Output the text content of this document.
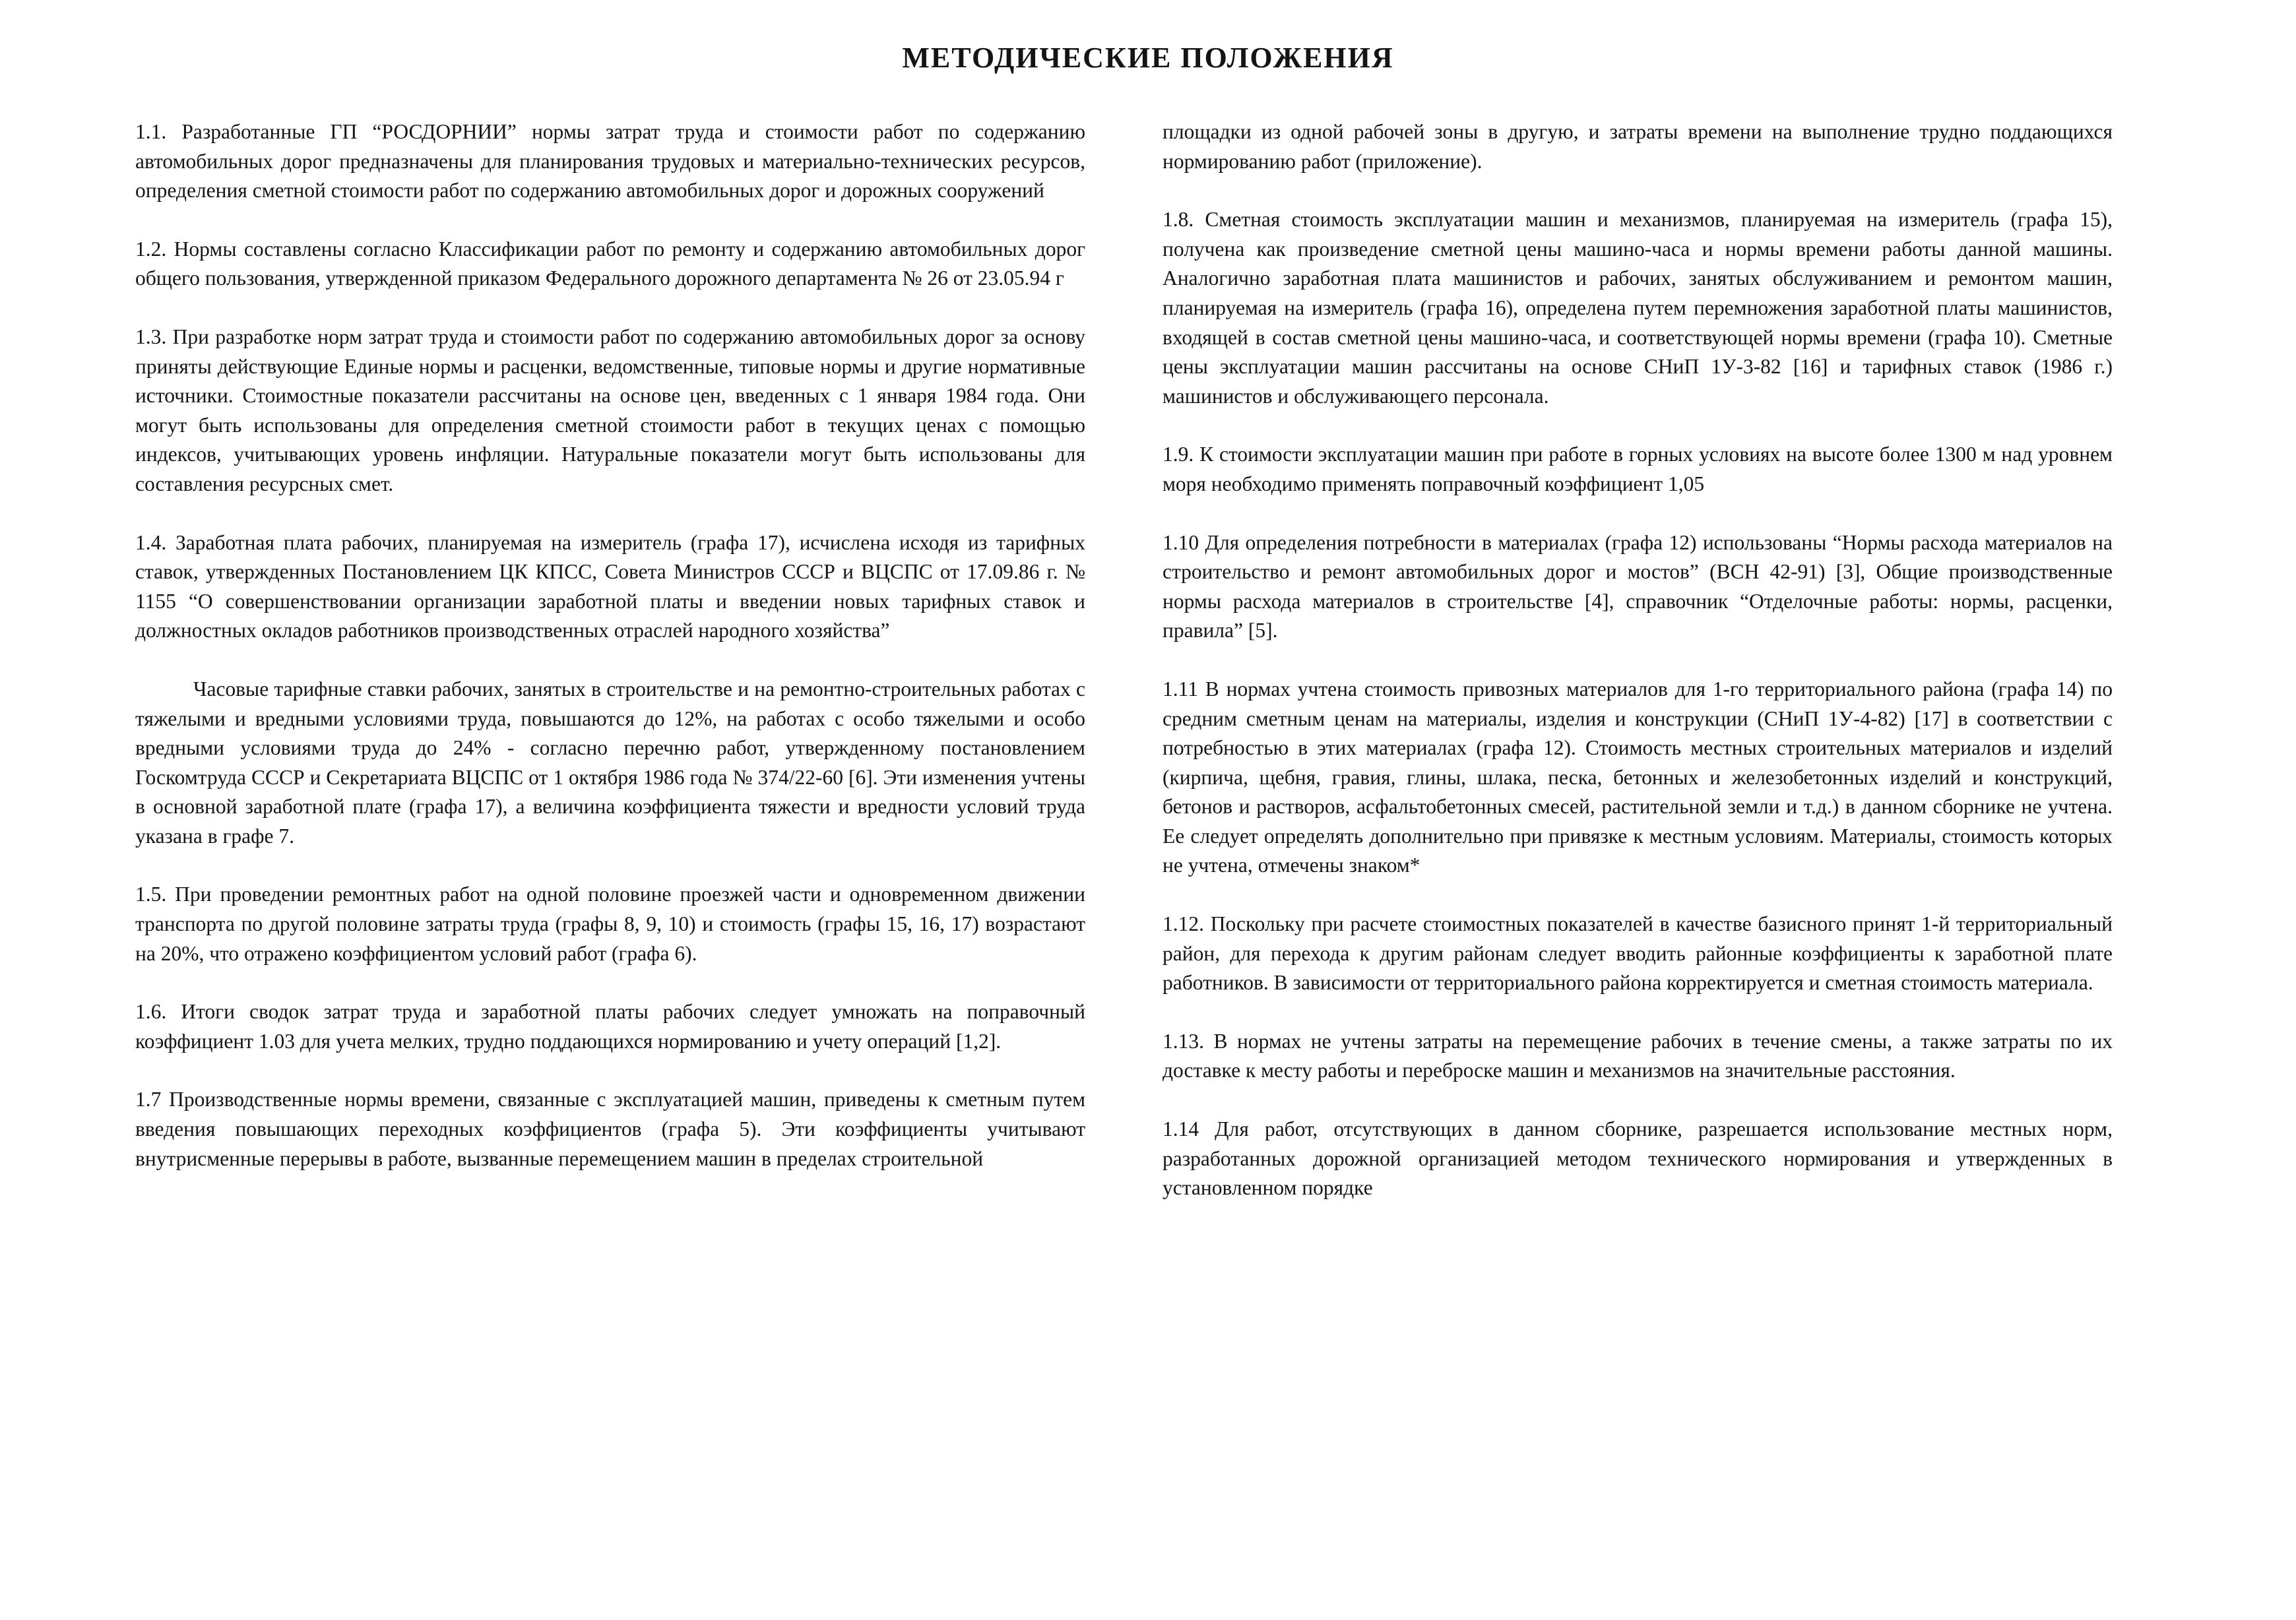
МЕТОДИЧЕСКИЕ ПОЛОЖЕНИЯ

1.1. Разработанные ГП “РОСДОРНИИ” нормы затрат труда и стоимости работ по содержанию автомобильных дорог предназначены для планирования трудовых и материально-технических ресурсов, определения сметной стоимости работ по содержанию автомобильных дорог и дорожных сооружений

1.2. Нормы составлены согласно Классификации работ по ремонту и содержанию автомобильных дорог общего пользования, утвержденной приказом Федерального дорожного департамента № 26 от 23.05.94 г

1.3. При разработке норм затрат труда и стоимости работ по содержанию автомобильных дорог за основу приняты действующие Единые нормы и расценки, ведомственные, типовые нормы и другие нормативные источники. Стоимостные показатели рассчитаны на основе цен, введенных с 1 января 1984 года. Они могут быть использованы для определения сметной стоимости работ в текущих ценах с помощью индексов, учитывающих уровень инфляции. Натуральные показатели могут быть использованы для составления ресурсных смет.

1.4. Заработная плата рабочих, планируемая на измеритель (графа 17), исчислена исходя из тарифных ставок, утвержденных Постановлением ЦК КПСС, Совета Министров СССР и ВЦСПС от 17.09.86 г. № 1155 “О совершенствовании организации заработной платы и введении новых тарифных ставок и должностных окладов работников производственных отраслей народного хозяйства”

Часовые тарифные ставки рабочих, занятых в строительстве и на ремонтно-строительных работах с тяжелыми и вредными условиями труда, повышаются до 12%, на работах с особо тяжелыми и особо вредными условиями труда до 24% - согласно перечню работ, утвержденному постановлением Госкомтруда СССР и Секретариата ВЦСПС от 1 октября 1986 года № 374/22-60 [6]. Эти изменения учтены в основной заработной плате (графа 17), а величина коэффициента тяжести и вредности условий труда указана в графе 7.

1.5. При проведении ремонтных работ на одной половине проезжей части и одновременном движении транспорта по другой половине затраты труда (графы 8, 9, 10) и стоимость (графы 15, 16, 17) возрастают на 20%, что отражено коэффициентом условий работ (графа 6).

1.6. Итоги сводок затрат труда и заработной платы рабочих следует умножать на поправочный коэффициент 1.03 для учета мелких, трудно поддающихся нормированию и учету операций [1,2].

1.7 Производственные нормы времени, связанные с эксплуатацией машин, приведены к сметным путем введения повышающих переходных коэффициентов (графа 5). Эти коэффициенты учитывают внутрисменные перерывы в работе, вызванные перемещением машин в пределах строительной

площадки из одной рабочей зоны в другую, и затраты времени на выполнение трудно поддающихся нормированию работ (приложение).

1.8. Сметная стоимость эксплуатации машин и механизмов, планируемая на измеритель (графа 15), получена как произведение сметной цены машино-часа и нормы времени работы данной машины. Аналогично заработная плата машинистов и рабочих, занятых обслуживанием и ремонтом машин, планируемая на измеритель (графа 16), определена путем перемножения заработной платы машинистов, входящей в состав сметной цены машино-часа, и соответствующей нормы времени (графа 10). Сметные цены эксплуатации машин рассчитаны на основе СНиП 1У-3-82 [16] и тарифных ставок (1986 г.) машинистов и обслуживающего персонала.

1.9. К стоимости эксплуатации машин при работе в горных условиях на высоте более 1300 м над уровнем моря необходимо применять поправочный коэффициент 1,05

1.10 Для определения потребности в материалах (графа 12) использованы “Нормы расхода материалов на строительство и ремонт автомобильных дорог и мостов” (ВСН 42-91) [3], Общие производственные нормы расхода материалов в строительстве [4], справочник “Отделочные работы: нормы, расценки, правила” [5].

1.11 В нормах учтена стоимость привозных материалов для 1-го территориального района (графа 14) по средним сметным ценам на материалы, изделия и конструкции (СНиП 1У-4-82) [17] в соответствии с потребностью в этих материалах (графа 12). Стоимость местных строительных материалов и изделий (кирпича, щебня, гравия, глины, шлака, песка, бетонных и железобетонных изделий и конструкций, бетонов и растворов, асфальтобетонных смесей, растительной земли и т.д.) в данном сборнике не учтена. Ее следует определять дополнительно при привязке к местным условиям. Материалы, стоимость которых не учтена, отмечены знаком*

1.12. Поскольку при расчете стоимостных показателей в качестве базисного принят 1-й территориальный район, для перехода к другим районам следует вводить районные коэффициенты к заработной плате работников. В зависимости от территориального района корректируется и сметная стоимость материала.

1.13. В нормах не учтены затраты на перемещение рабочих в течение смены, а также затраты по их доставке к месту работы и переброске машин и механизмов на значительные расстояния.

1.14 Для работ, отсутствующих в данном сборнике, разрешается использование местных норм, разработанных дорожной организацией методом технического нормирования и утвержденных в установленном порядке
